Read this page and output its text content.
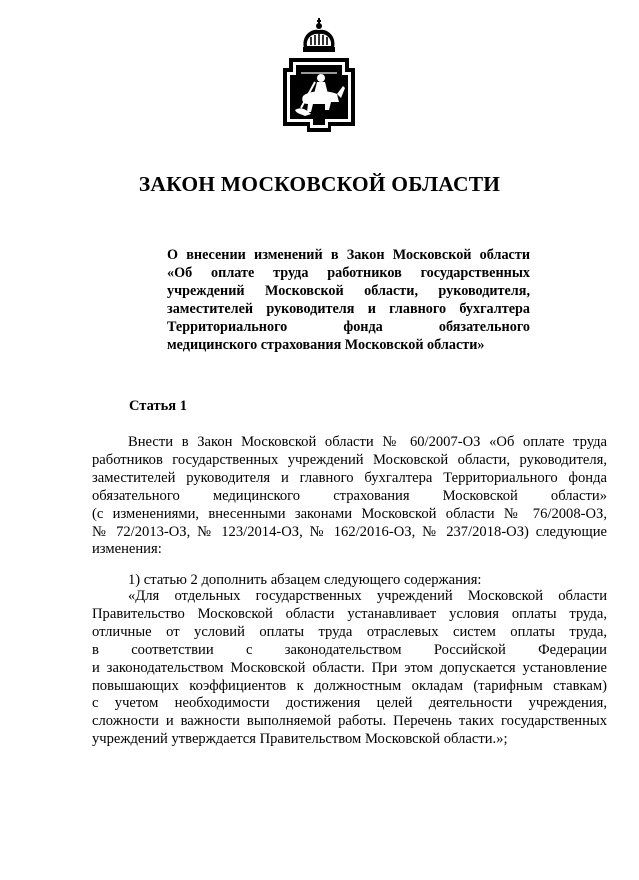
ЗАКОН МОСКОВСКОЙ ОБЛАСТИ
О внесении изменений в Закон Московской области
«Об оплате труда работников государственных
учреждений Московской области, руководителя,
заместителей руководителя и главного бухгалтера
Территориального фонда обязательного
медицинского страхования Московской области»
Статья 1
Внести в Закон Московской области № 60/2007-ОЗ «Об оплате труда
работников государственных учреждений Московской области, руководителя,
заместителей руководителя и главного бухгалтера Территориального фонда
обязательного медицинского страхования Московской области»
(с изменениями, внесенными законами Московской области № 76/2008-ОЗ,
№ 72/2013-ОЗ, № 123/2014-ОЗ, № 162/2016-ОЗ, № 237/2018-ОЗ) следующие
изменения:
1) статью 2 дополнить абзацем следующего содержания:
«Для отдельных государственных учреждений Московской области
Правительство Московской области устанавливает условия оплаты труда,
отличные от условий оплаты труда отраслевых систем оплаты труда,
в соответствии с законодательством Российской Федерации
и законодательством Московской области. При этом допускается установление
повышающих коэффициентов к должностным окладам (тарифным ставкам)
с учетом необходимости достижения целей деятельности учреждения,
сложности и важности выполняемой работы. Перечень таких государственных
учреждений утверждается Правительством Московской области.»;
